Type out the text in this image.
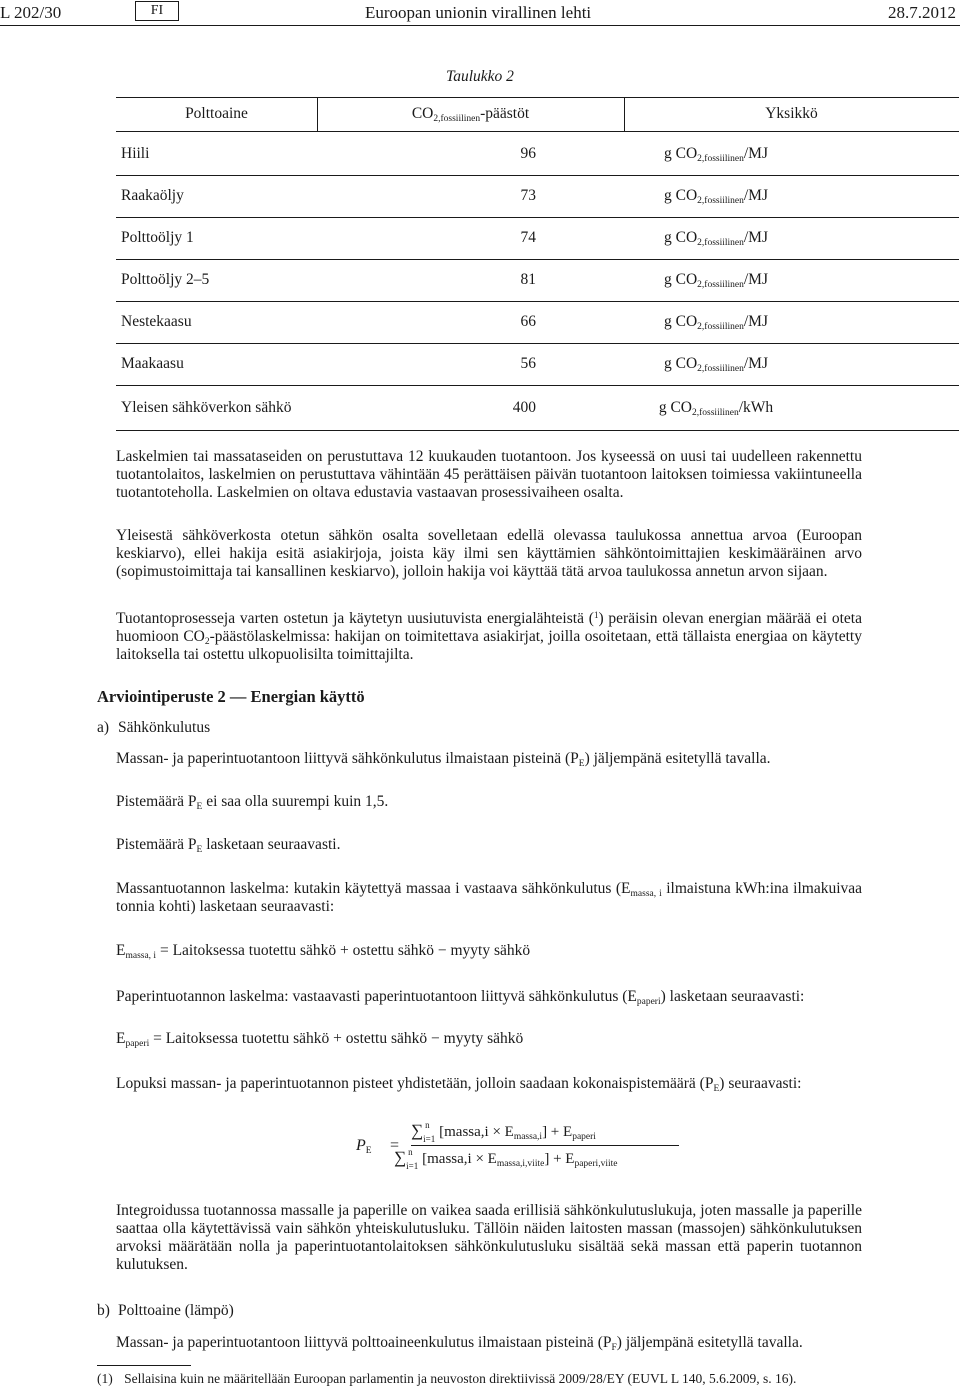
L 202/30	FI	Euroopan unionin virallinen lehti	28.7.2012
Taulukko 2
Polttoaine	$CO_{2,fossiilinen}$-päästöt	Yksikkö
Hiili	96	g $CO_{2,fossiilinen}/MJ$
Raakaöljy	73	g $CO_{2,fossiilinen}/MJ$
Polttoöljy 1	74	g $CO_{2,fossiilinen}/MJ$
Polttoöljy 2–5	81	g $CO_{2,fossiilinen}/MJ$
Nestekaasu	66	g $CO_{2,fossiilinen}/MJ$
Maakaasu	56	g $CO_{2,fossiilinen}/MJ$
Yleisen sähköverkon sähkö	400	g $CO_{2,fossiilinen}$/kWh
Laskelmien tai massataseiden on perustuttava 12 kuukauden tuotantoon. Jos kyseessä on uusi tai uudelleen rakennettu tuotantolaitos, laskelmien on perustuttava vähintään 45 perättäisen päivän tuotantoon laitoksen toimiessa vakiintuneella tuotantoteholla. Laskelmien on oltava edustavia vastaavan prosessivaiheen osalta.
Yleisestä sähköverkosta otetun sähkön osalta sovelletaan edellä olevassa taulukossa annettua arvoa (Euroopan keskiarvo), ellei hakija esitä asiakirjoja, joista käy ilmi sen käyttämien sähköntoimittajien keskimääräinen arvo (sopimustoimittaja tai kansallinen keskiarvo), jolloin hakija voi käyttää tätä arvoa taulukossa annetun arvon sijaan.
Tuotantoprosesseja varten ostetun ja käytetyn uusiutuvista energialähteistä ($^1$) peräisin olevan energian määrää ei oteta huomioon $CO_2$-päästölaskelmissa: hakijan on toimitettava asiakirjat, joilla osoitetaan, että tällaista energiaa on käytetty laitoksella tai ostettu ulkopuolisilta toimittajilta.
Arviointiperuste 2 — Energian käyttö
a) Sähkönkulutus
Massan- ja paperintuotantoon liittyvä sähkönkulutus ilmaistaan pisteinä $(P_E)$ jäljempänä esitetyllä tavalla.
Pistemäärä $P_E$ ei saa olla suurempi kuin 1,5.
Pistemäärä $P_E$ lasketaan seuraavasti.
Massantuotannon laskelma: kutakin käytettyä massaa i vastaava sähkönkulutus ($E_{massa, i}$ ilmaistuna kWh:ina ilmakuivaa tonnia kohti) lasketaan seuraavasti:
$E_{massa, i}$ = Laitoksessa tuotettu sähkö + ostettu sähkö − myyty sähkö
Paperintuotannon laskelma: vastaavasti paperintuotantoon liittyvä sähkönkulutus $(E_{paperi})$ lasketaan seuraavasti:
$E_{paperi}$ = Laitoksessa tuotettu sähkö + ostettu sähkö − myyty sähkö
Lopuksi massan- ja paperintuotannon pisteet yhdistetään, jolloin saadaan kokonaispistemäärä $(P_E)$ seuraavasti:
$P_E$ =
∑ n
i=1 [massa,i × $E_{massa,i}] + E_{paperi}$
∑ n
i=1 [massa,i × $E_{massa,i,viite}] + E_{paperi,viite}$
Integroidussa tuotannossa massalle ja paperille on vaikea saada erillisiä sähkönkulutuslukuja, joten massalle ja paperille saattaa olla käytettävissä vain sähkön yhteiskulutusluku. Tällöin näiden laitosten massan (massojen) sähkönkulutuksen arvoksi määrätään nolla ja paperintuotantolaitoksen sähkönkulutusluku sisältää sekä massan että paperin tuotannon kulutuksen.
b) Polttoaine (lämpö)
Massan- ja paperintuotantoon liittyvä polttoaineenkulutus ilmaistaan pisteinä $(P_F)$ jäljempänä esitetyllä tavalla.
(1) Sellaisina kuin ne määritellään Euroopan parlamentin ja neuvoston direktiivissä 2009/28/EY (EUVL L 140, 5.6.2009, s. 16).
